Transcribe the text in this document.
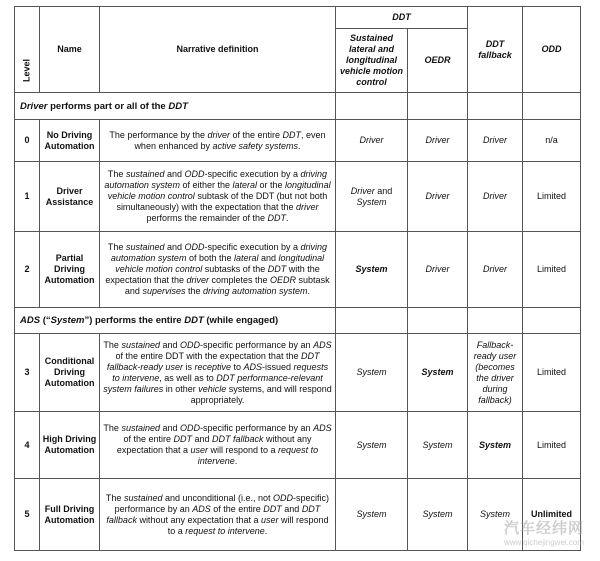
Level	Name	Narrative definition	DDT		DDT fallback	ODD
			Sustained lateral and longitudinal vehicle motion control	OEDR		
Driver performs part or all of the DDT						
0	No Driving Automation	The performance by the driver of the entire DDT, even when enhanced by active safety systems.	Driver	Driver	Driver	n/a
1	Driver Assistance	The sustained and ODD-specific execution by a driving automation system of either the lateral or the longitudinal vehicle motion control subtask of the DDT (but not both simultaneously) with the expectation that the driver performs the remainder of the DDT.	Driver and System	Driver	Driver	Limited
2	Partial Driving Automation	The sustained and ODD-specific execution by a driving automation system of both the lateral and longitudinal vehicle motion control subtasks of the DDT with the expectation that the driver completes the OEDR subtask and supervises the driving automation system.	System	Driver	Driver	Limited
ADS (“System”) performs the entire DDT (while engaged)						
3	Conditional Driving Automation	The sustained and ODD-specific performance by an ADS of the entire DDT with the expectation that the DDT fallback-ready user is receptive to ADS-issued requests to intervene, as well as to DDT performance-relevant system failures in other vehicle systems, and will respond appropriately.	System	System	Fallback-ready user (becomes the driver during fallback)	Limited
4	High Driving Automation	The sustained and ODD-specific performance by an ADS of the entire DDT and DDT fallback without any expectation that a user will respond to a request to intervene.	System	System	System	Limited
5	Full Driving Automation	The sustained and unconditional (i.e., not ODD-specific) performance by an ADS of the entire DDT and DDT fallback without any expectation that a user will respond to a request to intervene.	System	System	System	Unlimited
汽车经纬网
www.qichejingwei.com
